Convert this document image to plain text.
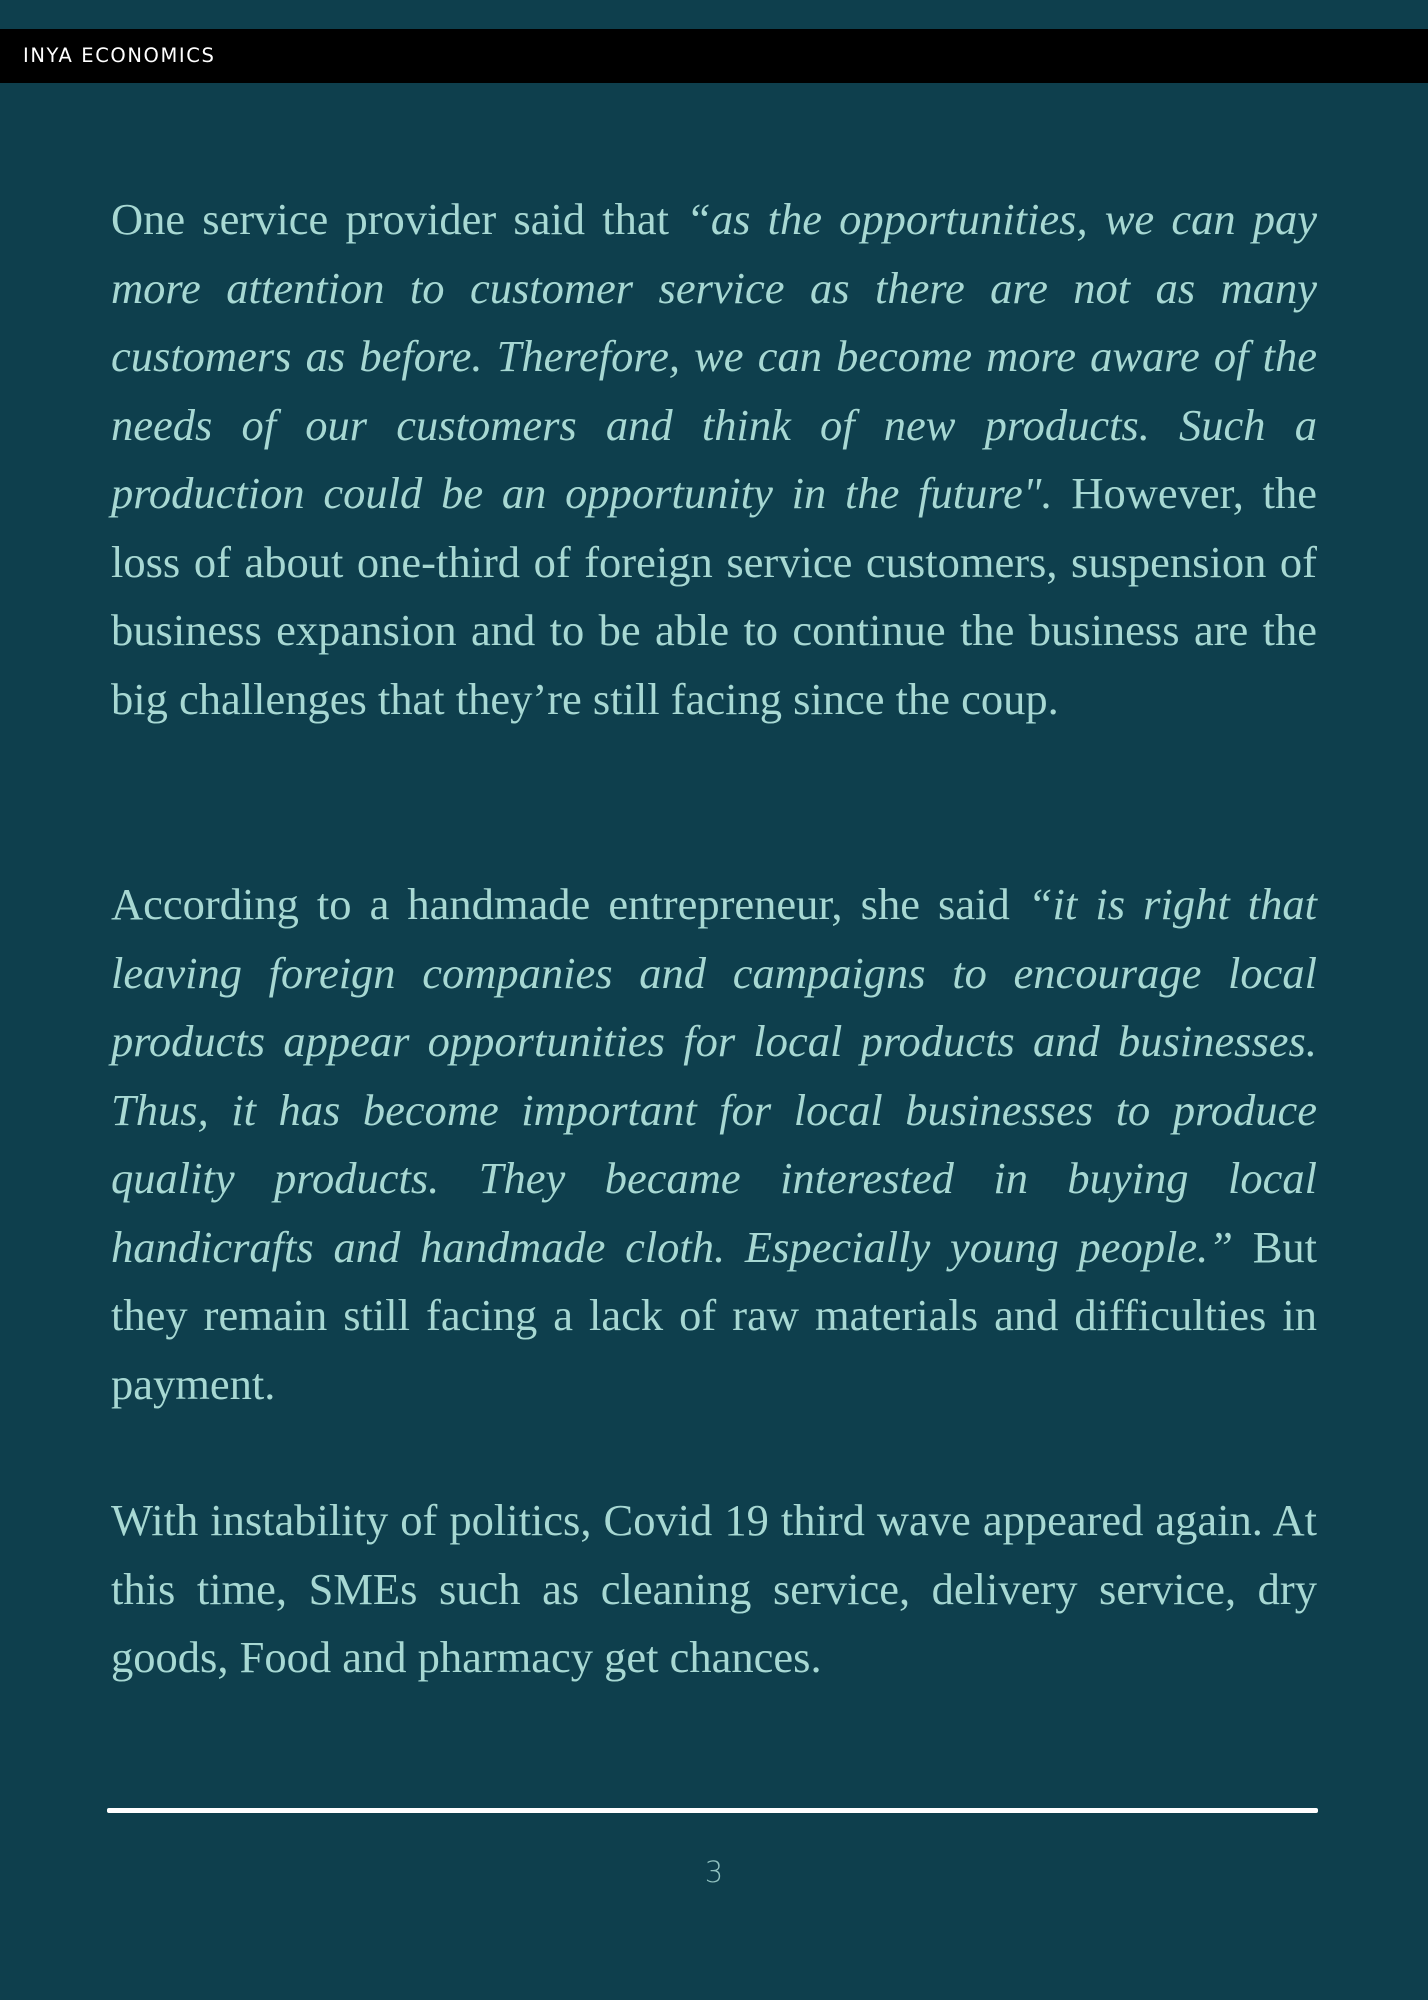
INYA ECONOMICS

One service provider said that “as the opportunities, we can pay more attention to customer service as there are not as many customers as before. Therefore, we can become more aware of the needs of our customers and think of new products. Such a production could be an opportunity in the future". However, the loss of about one-third of foreign service customers, suspension of business expansion and to be able to continue the business are the big challenges that they’re still facing since the coup.

According to a handmade entrepreneur, she said “it is right that leaving foreign companies and campaigns to encourage local products appear opportunities for local products and businesses. Thus, it has become important for local businesses to produce quality products. They became interested in buying local handicrafts and handmade cloth. Especially young people.” But they remain still facing a lack of raw materials and difficulties in payment.

With instability of politics, Covid 19 third wave appeared again. At this time, SMEs such as cleaning service, delivery service, dry goods, Food and pharmacy get chances.

3
